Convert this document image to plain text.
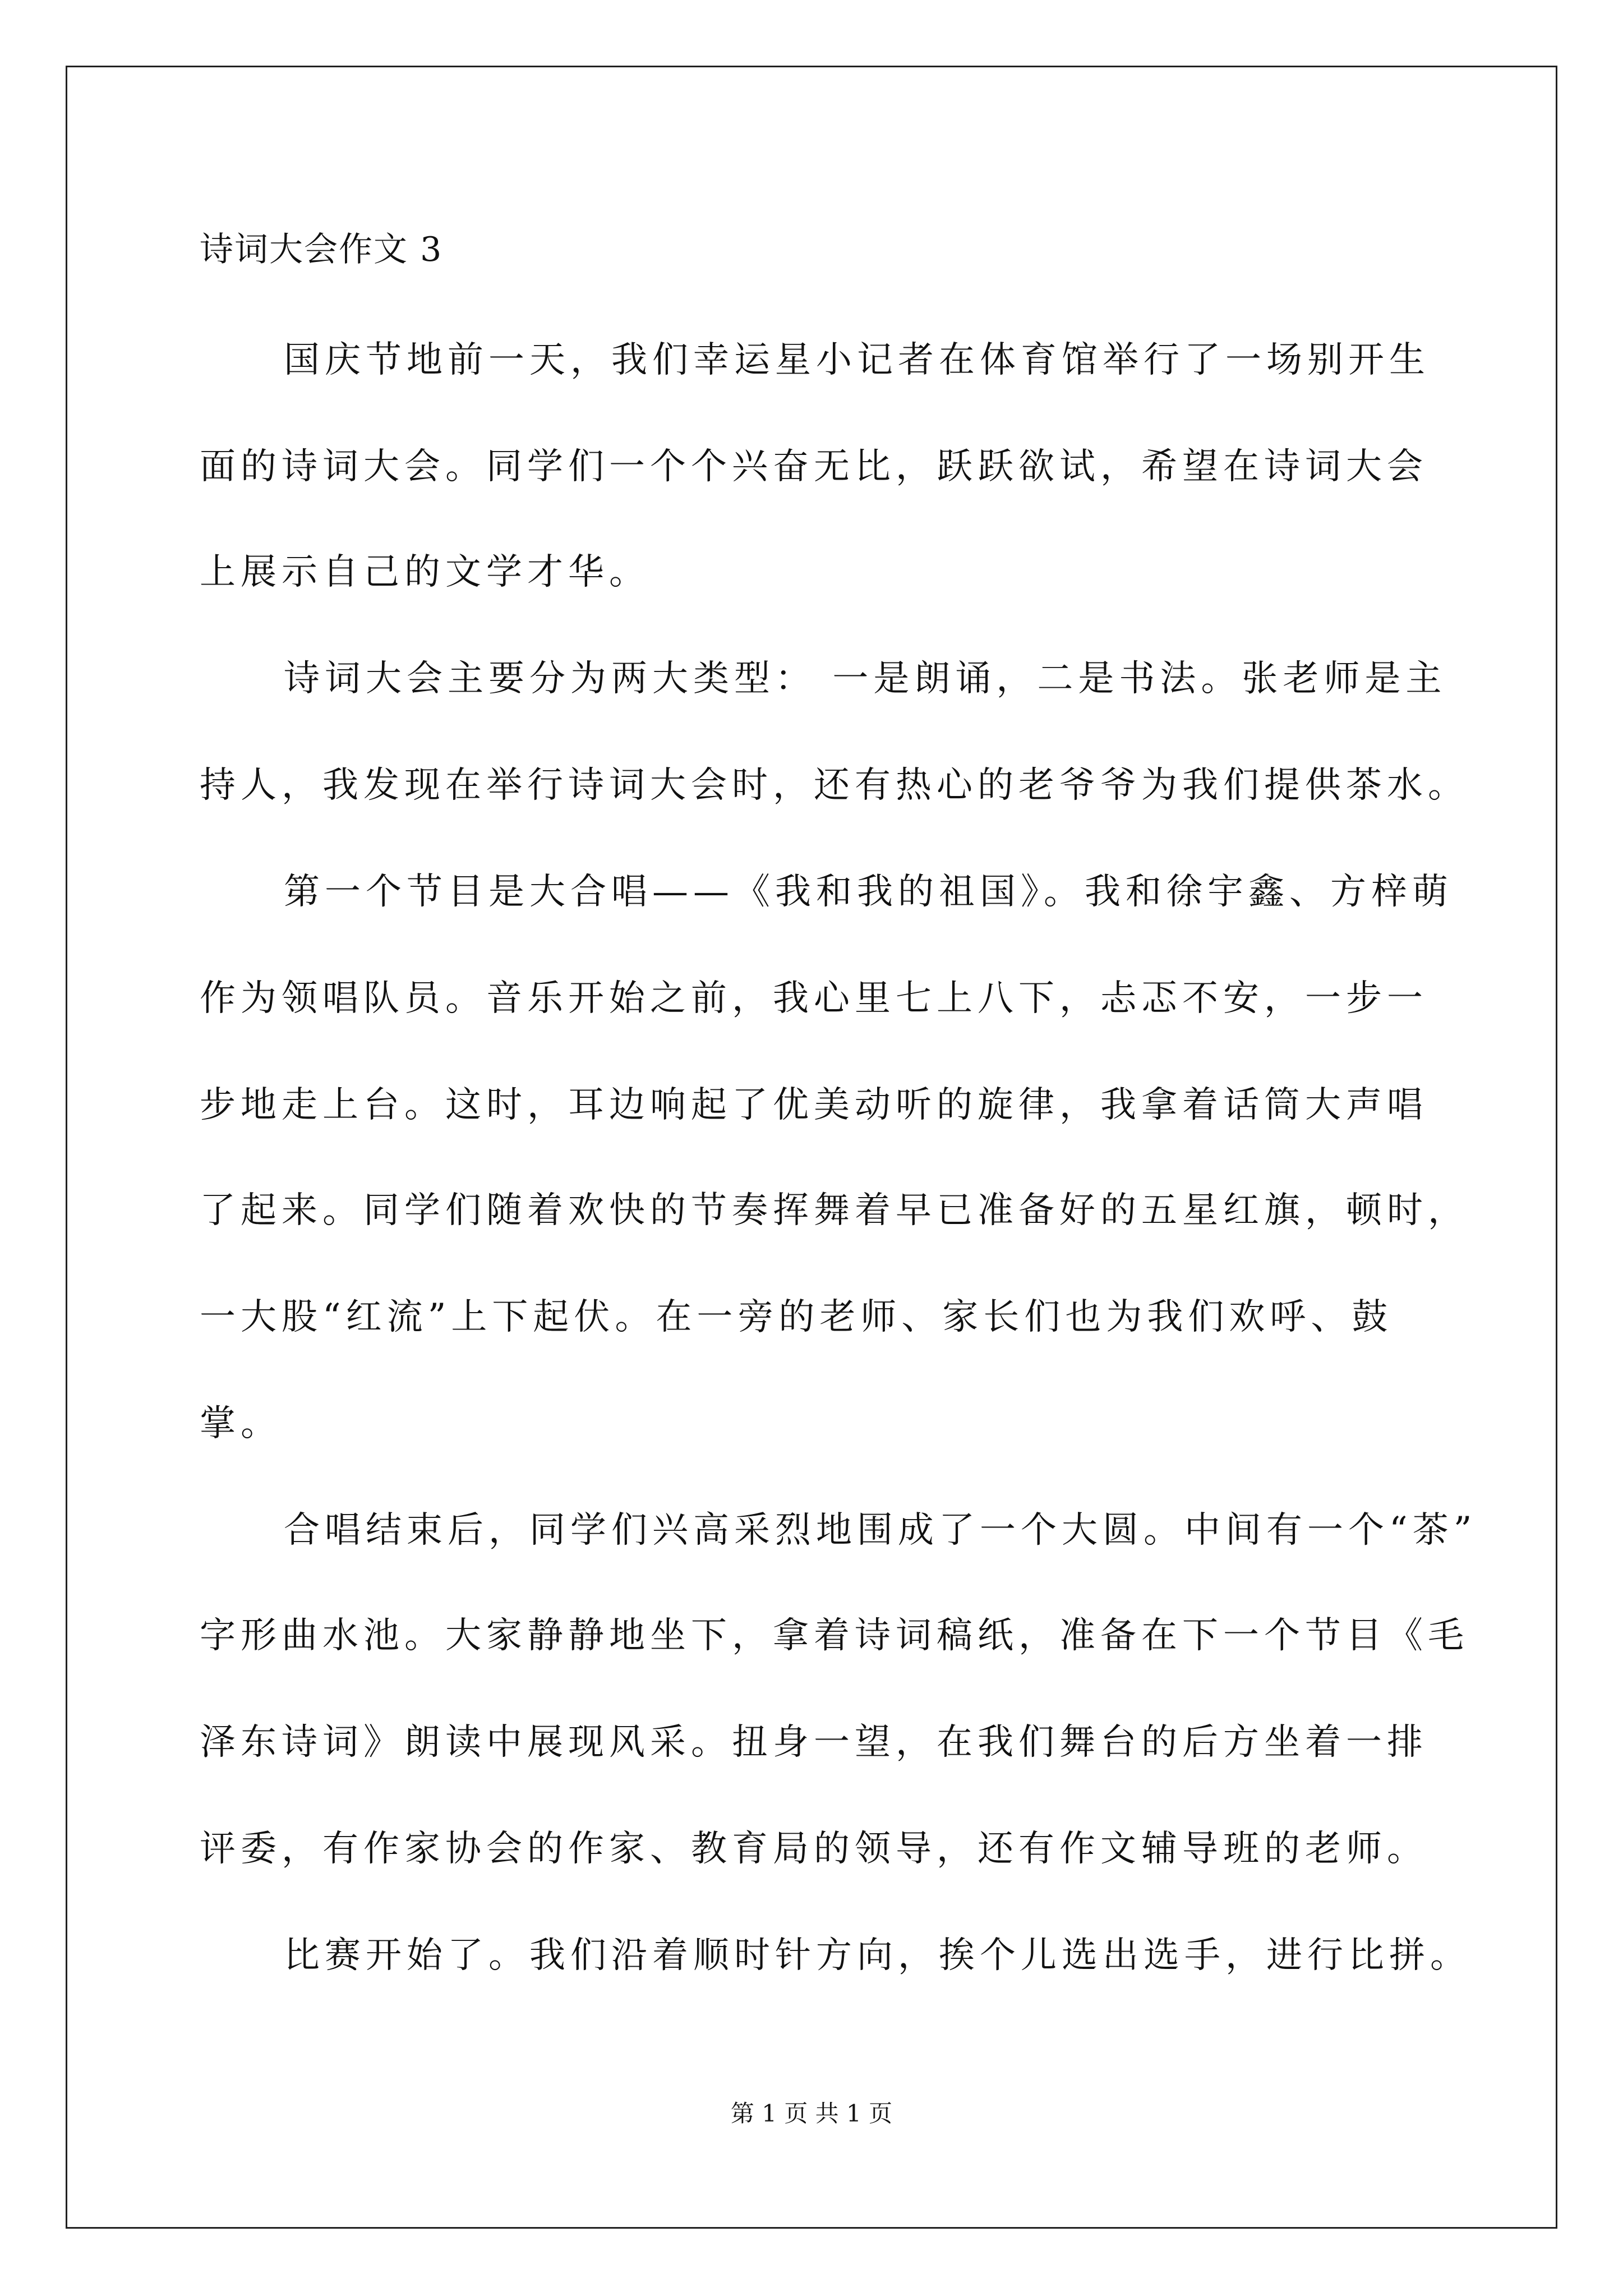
诗词大会作文 3
国庆节地前一天，我们幸运星小记者在体育馆举行了一场别开生
面的诗词大会。同学们一个个兴奋无比，跃跃欲试，希望在诗词大会
上展示自己的文学才华。
诗词大会主要分为两大类型： 一是朗诵，二是书法。张老师是主
持人，我发现在举行诗词大会时，还有热心的老爷爷为我们提供茶水。
第一个节目是大合唱——《我和我的祖国》。我和徐宇鑫、方梓萌
作为领唱队员。音乐开始之前，我心里七上八下，忐忑不安，一步一
步地走上台。这时，耳边响起了优美动听的旋律，我拿着话筒大声唱
了起来。同学们随着欢快的节奏挥舞着早已准备好的五星红旗，顿时，
一大股“红流”上下起伏。在一旁的老师、家长们也为我们欢呼、鼓
掌。
合唱结束后，同学们兴高采烈地围成了一个大圆。中间有一个“茶”
字形曲水池。大家静静地坐下，拿着诗词稿纸，准备在下一个节目《毛
泽东诗词》朗读中展现风采。扭身一望，在我们舞台的后方坐着一排
评委，有作家协会的作家、教育局的领导，还有作文辅导班的老师。
比赛开始了。我们沿着顺时针方向，挨个儿选出选手，进行比拼。
第 1 页 共 1 页
